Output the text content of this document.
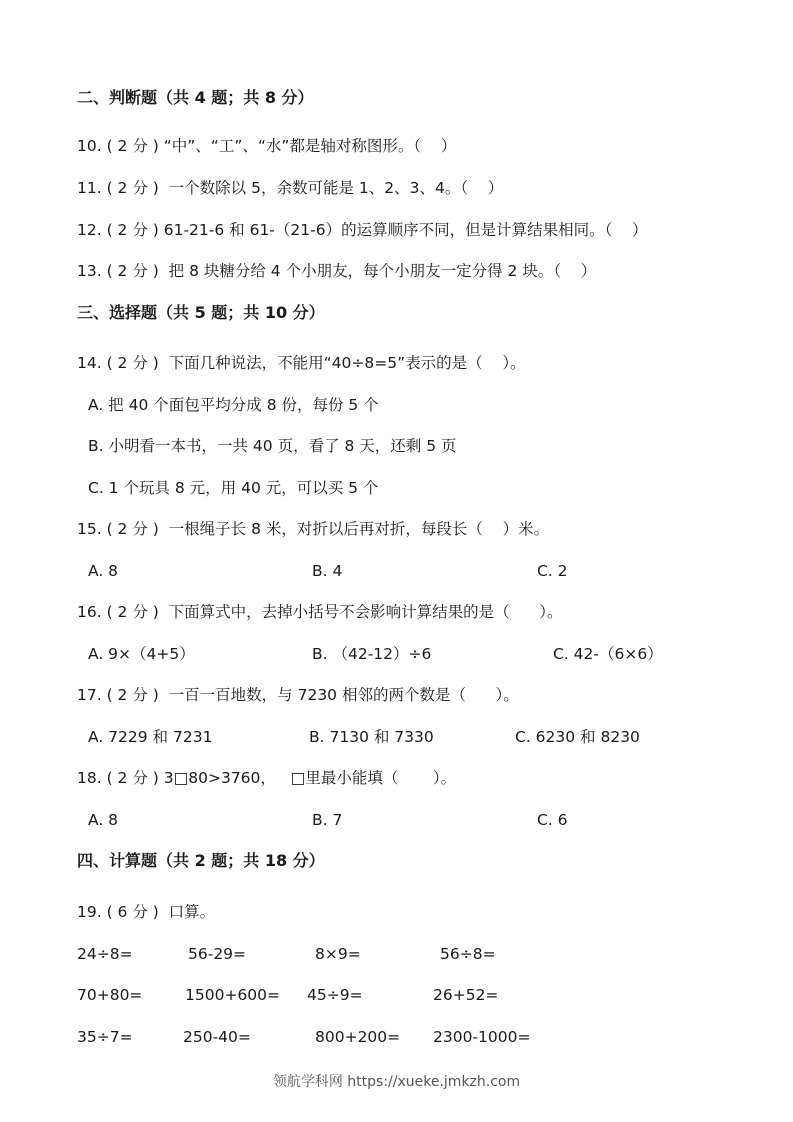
二、判断题（共 4 题；共 8 分）
10. ( 2 分 ) “中”、“工”、“水”都是轴对称图形。（    ）
11. ( 2 分 )  一个数除以 5，余数可能是 1、2、3、4。（    ）
12. ( 2 分 ) 61-21-6 和 61-（21-6）的运算顺序不同，但是计算结果相同。（    ）
13. ( 2 分 )  把 8 块糖分给 4 个小朋友，每个小朋友一定分得 2 块。（    ）
三、选择题（共 5 题；共 10 分）
14. ( 2 分 )  下面几种说法，不能用“40÷8=5”表示的是（    ）。
A. 把 40 个面包平均分成 8 份，每份 5 个
B. 小明看一本书，一共 40 页，看了 8 天，还剩 5 页
C. 1 个玩具 8 元，用 40 元，可以买 5 个
15. ( 2 分 )  一根绳子长 8 米，对折以后再对折，每段长（    ）米。
A. 8	B. 4	C. 2
16. ( 2 分 )  下面算式中，去掉小括号不会影响计算结果的是（      ）。
A. 9×（4+5）	B. （42-12）÷6	C. 42-（6×6）
17. ( 2 分 )  一百一百地数，与 7230 相邻的两个数是（      ）。
A. 7229 和 7231	B. 7130 和 7330	C. 6230 和 8230
18. ( 2 分 ) 3□80>3760，   □里最小能填（       ）。
A. 8	B. 7	C. 6
四、计算题（共 2 题；共 18 分）
19. ( 6 分 )  口算。
24÷8=	56-29=	8×9=	56÷8=
70+80=	1500+600= 45÷9=	26+52=
35÷7=	250-40=	800+200= 2300-1000=
领航学科网 https://xueke.jmkzh.com
